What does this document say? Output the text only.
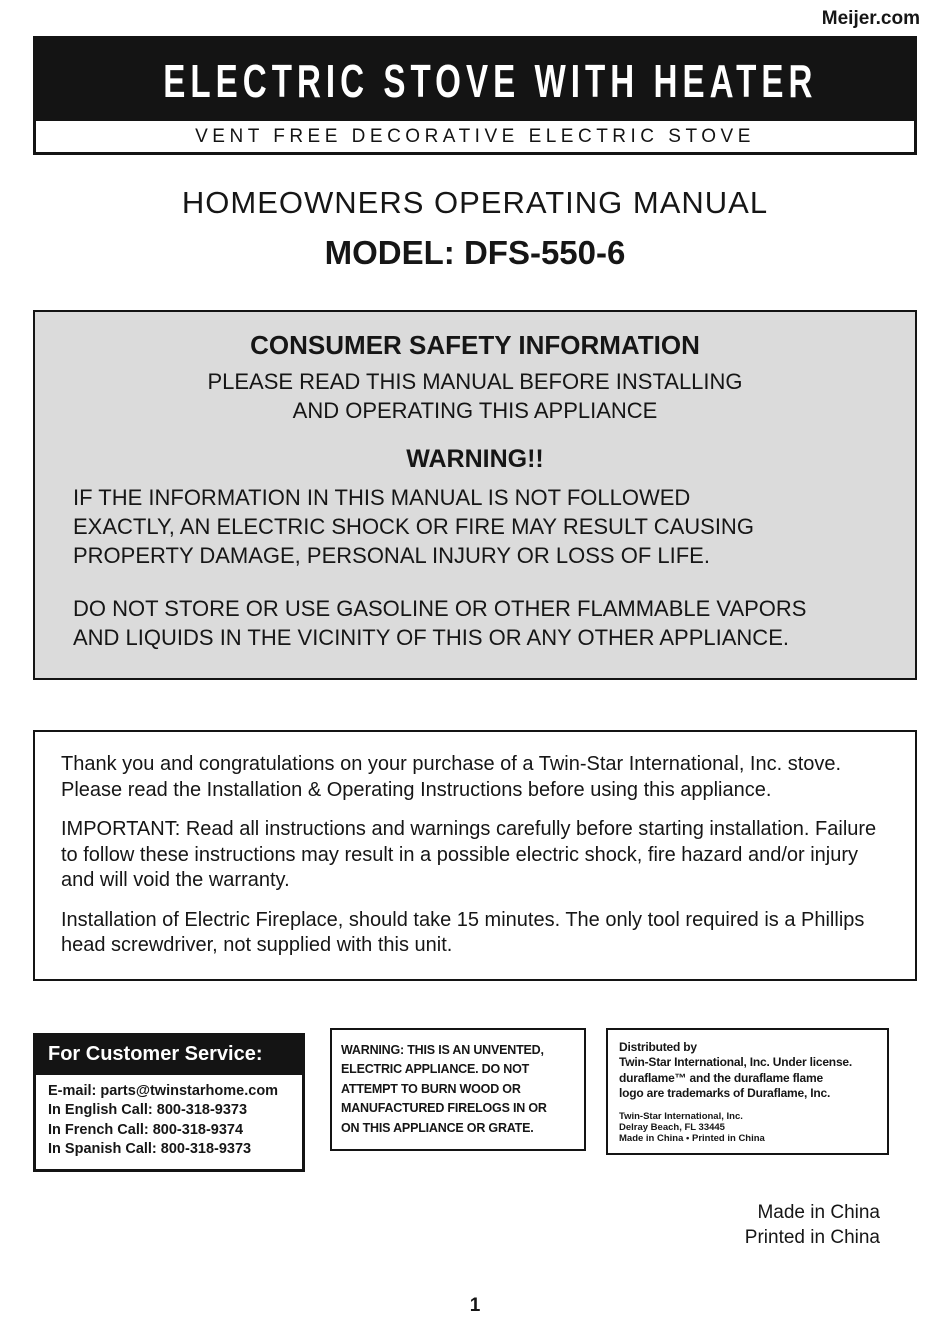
Meijer.com
ELECTRIC STOVE WITH HEATER
VENT FREE DECORATIVE ELECTRIC STOVE
HOMEOWNERS OPERATING MANUAL
MODEL: DFS-550-6
CONSUMER SAFETY INFORMATION
PLEASE READ THIS MANUAL BEFORE INSTALLING
AND OPERATING THIS APPLIANCE
WARNING!!
IF THE INFORMATION IN THIS MANUAL IS NOT FOLLOWED
EXACTLY, AN ELECTRIC SHOCK OR FIRE MAY RESULT CAUSING
PROPERTY DAMAGE, PERSONAL INJURY OR LOSS OF LIFE.
DO NOT STORE OR USE GASOLINE OR OTHER FLAMMABLE VAPORS
AND LIQUIDS IN THE VICINITY OF THIS OR ANY OTHER APPLIANCE.
Thank you and congratulations on your purchase of a Twin-Star International, Inc. stove. Please read the Installation & Operating Instructions before using this appliance.
IMPORTANT: Read all instructions and warnings carefully before starting installation. Failure to follow these instructions may result in a possible electric shock, fire hazard and/or injury and will void the warranty.
Installation of Electric Fireplace, should take 15 minutes. The only tool required is a Phillips head screwdriver, not supplied with this unit.
For Customer Service:
E-mail: parts@twinstarhome.com
In English Call: 800-318-9373
In French Call: 800-318-9374
In Spanish Call: 800-318-9373
WARNING: THIS IS AN UNVENTED,
ELECTRIC APPLIANCE. DO NOT
ATTEMPT TO BURN WOOD OR
MANUFACTURED FIRELOGS IN OR
ON THIS APPLIANCE OR GRATE.
Distributed by
Twin-Star International, Inc. Under license.
duraflame™ and the duraflame flame
logo are trademarks of Duraflame, Inc.
Twin-Star International, Inc.
Delray Beach, FL 33445
Made in China • Printed in China
Made in China
Printed in China
1
